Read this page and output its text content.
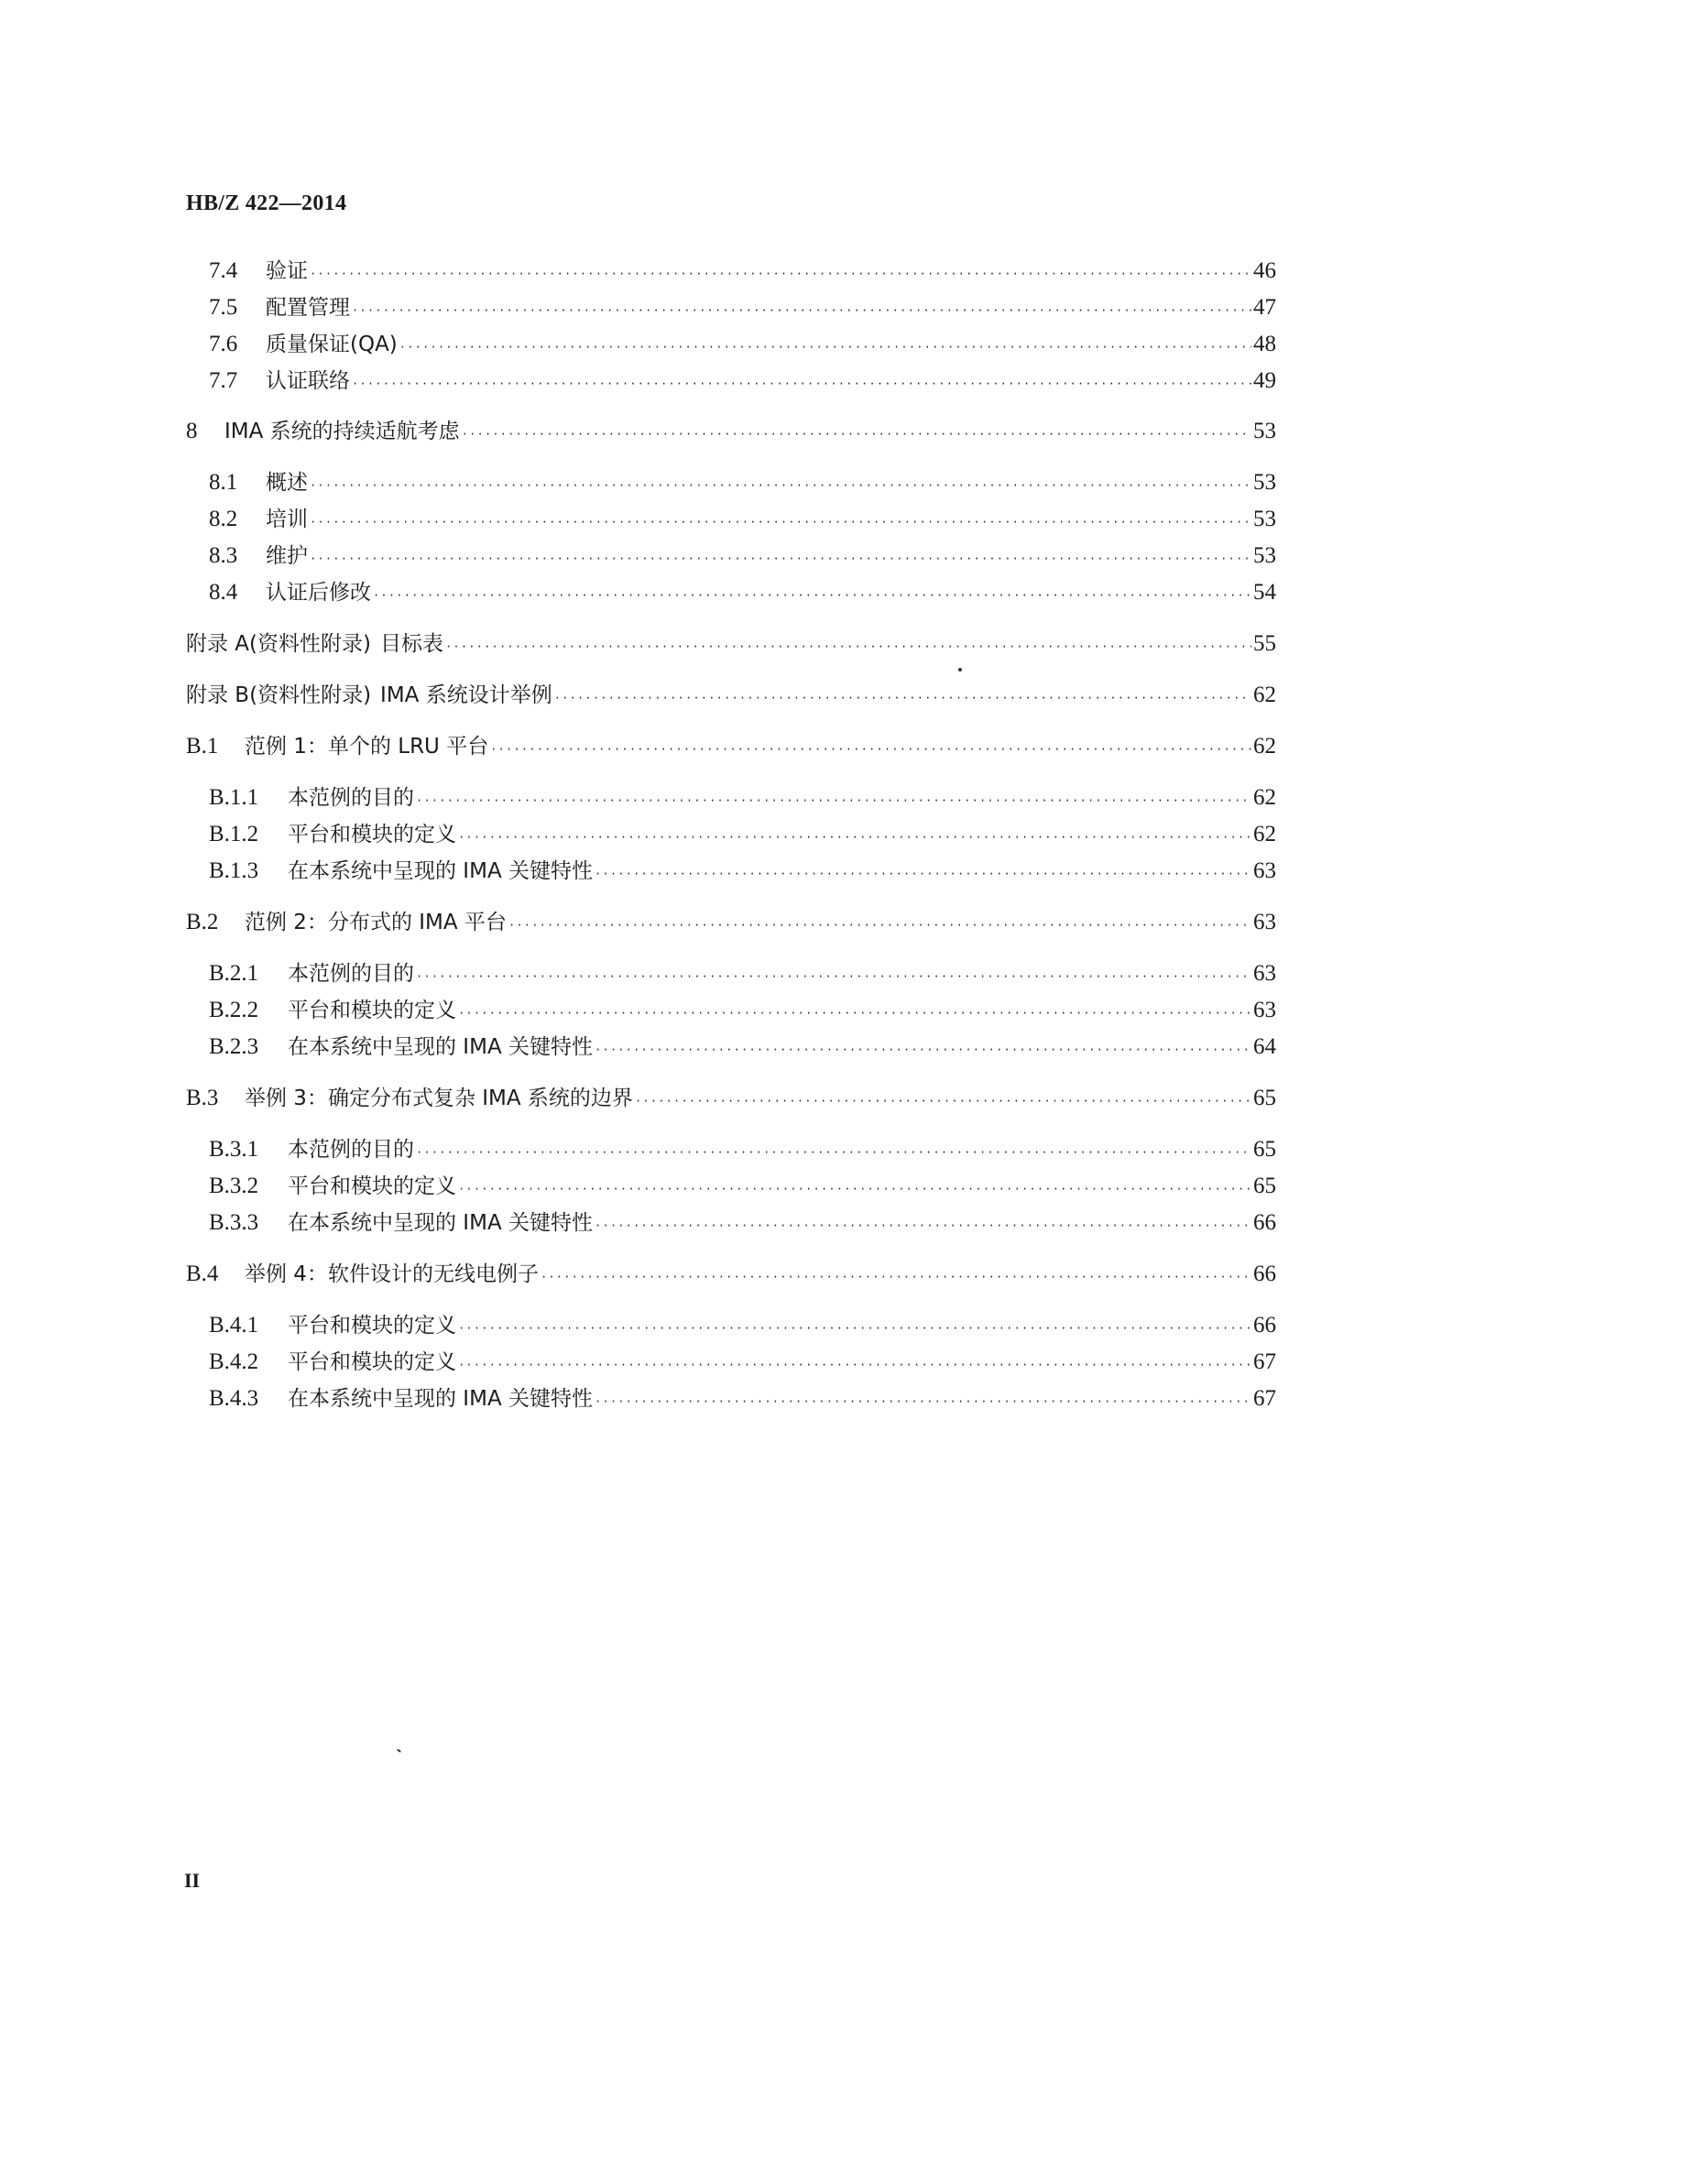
HB/Z 422—2014
7.4	验证 ·····	46
7.5	配置管理 ·····	47
7.6	质量保证(QA) ·····	48
7.7	认证联络 ·····	49
8	IMA 系统的持续适航考虑 ·····	53
8.1	概述 ·····	53
8.2	培训 ·····	53
8.3	维护 ·····	53
8.4	认证后修改 ·····	54
附录 A(资料性附录) 目标表 ·····	55
附录 B(资料性附录) IMA 系统设计举例 ·····	62
B.1	范例 1：单个的 LRU 平台 ·····	62
B.1.1	本范例的目的 ·····	62
B.1.2	平台和模块的定义 ·····	62
B.1.3	在本系统中呈现的 IMA 关键特性 ·····	63
B.2	范例 2：分布式的 IMA 平台 ·····	63
B.2.1	本范例的目的 ·····	63
B.2.2	平台和模块的定义 ·····	63
B.2.3	在本系统中呈现的 IMA 关键特性 ·····	64
B.3	举例 3：确定分布式复杂 IMA 系统的边界 ·····	65
B.3.1	本范例的目的 ·····	65
B.3.2	平台和模块的定义 ·····	65
B.3.3	在本系统中呈现的 IMA 关键特性 ·····	66
B.4	举例 4：软件设计的无线电例子 ·····	66
B.4.1	平台和模块的定义 ·····	66
B.4.2	平台和模块的定义 ·····	67
B.4.3	在本系统中呈现的 IMA 关键特性 ·····	67
II
